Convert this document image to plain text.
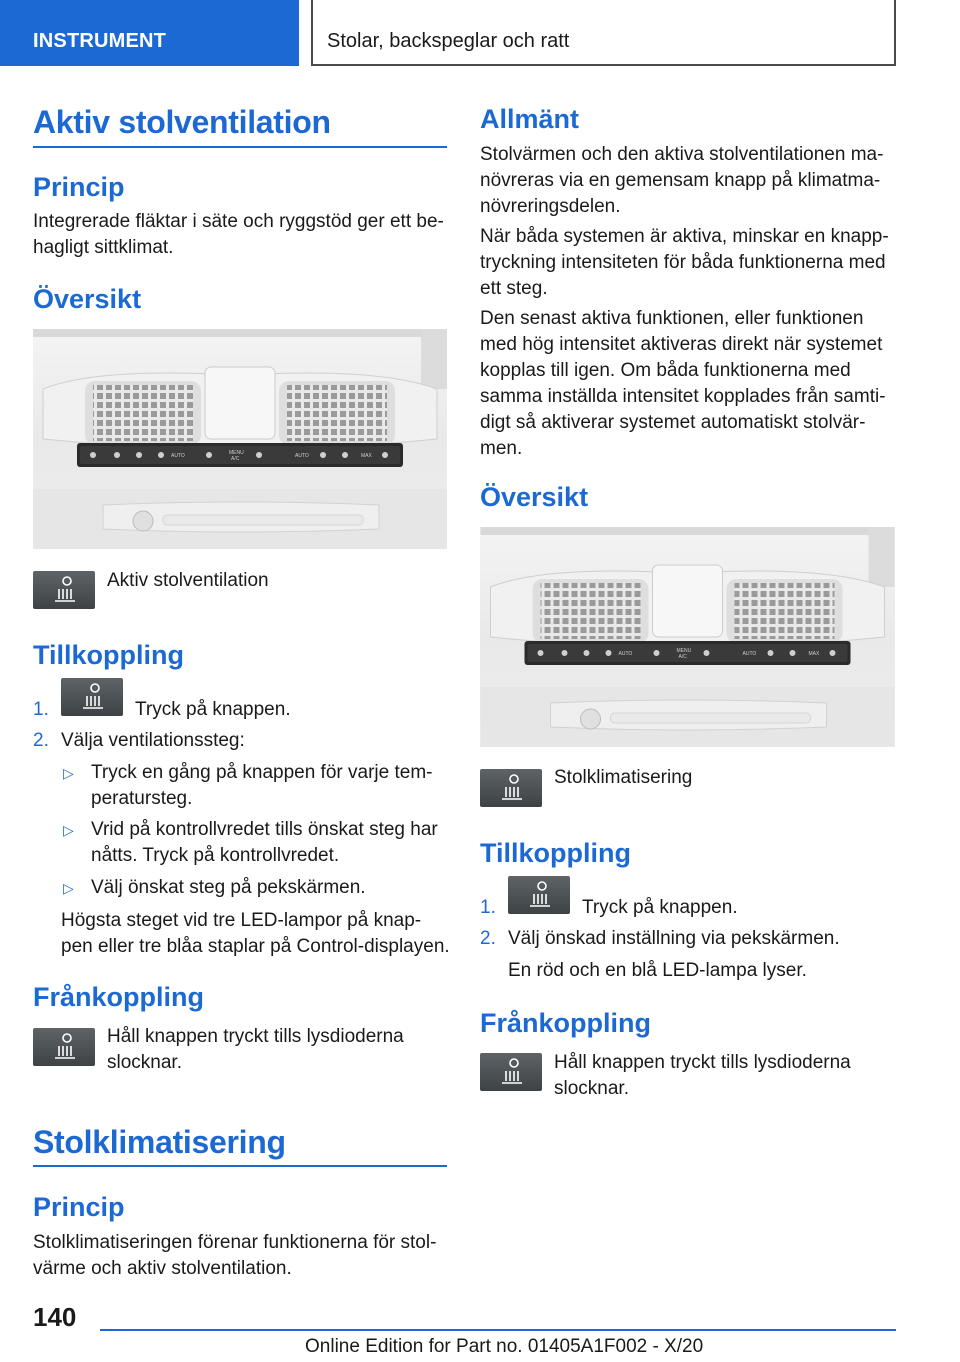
INSTRUMENT	Stolar, backspeglar och ratt
Aktiv stolventilation
Princip
Integrerade fläktar i säte och ryggstöd ger ett be-
hagligt sittklimat.
Översikt
AUTO	MENU
A/C	AUTO	MAX
Aktiv stolventilation
Tillkoppling
1.	Tryck på knappen.
2. Välja ventilationssteg:
▷ Tryck en gång på knappen för varje tem-
peratursteg.
▷ Vrid på kontrollvredet tills önskat steg har
nåtts. Tryck på kontrollvredet.
▷ Välj önskat steg på pekskärmen.
Högsta steget vid tre LED-lampor på knap-
pen eller tre blåa staplar på Control-displayen.
Frånkoppling
Håll knappen tryckt tills lysdioderna
slocknar.
Stolklimatisering
Princip
Stolklimatiseringen förenar funktionerna för stol-
värme och aktiv stolventilation.
Allmänt
Stolvärmen och den aktiva stolventilationen ma-
növreras via en gemensam knapp på klimatma-
növreringsdelen.
När båda systemen är aktiva, minskar en knapp-
tryckning intensiteten för båda funktionerna med
ett steg.
Den senast aktiva funktionen, eller funktionen
med hög intensitet aktiveras direkt när systemet
kopplas till igen. Om båda funktionerna med
samma inställda intensitet kopplades från samti-
digt så aktiverar systemet automatiskt stolvär-
men.
Översikt
AUTO	MENU
A/C	AUTO	MAX
Stolklimatisering
Tillkoppling
1.	Tryck på knappen.
2. Välj önskad inställning via pekskärmen.
En röd och en blå LED-lampa lyser.
Frånkoppling
Håll knappen tryckt tills lysdioderna
slocknar.
140
Online Edition for Part no. 01405A1F002 - X/20
